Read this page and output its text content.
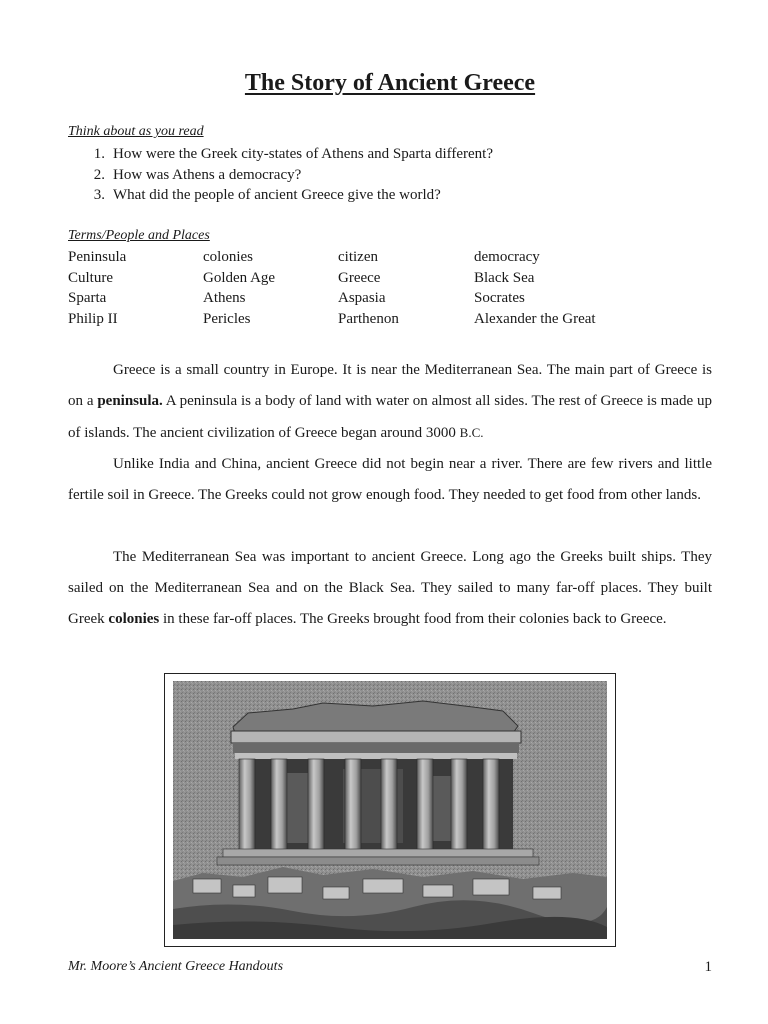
The Story of Ancient Greece
Think about as you read
1. How were the Greek city-states of Athens and Sparta different?
2. How was Athens a democracy?
3. What did the people of ancient Greece give the world?
Terms/People and Places
Peninsula	colonies	citizen	democracy
Culture	Golden Age	Greece	Black Sea
Sparta	Athens	Aspasia	Socrates
Philip II	Pericles	Parthenon	Alexander the Great

Greece is a small country in Europe. It is near the Mediterranean Sea. The main part of Greece is on a peninsula. A peninsula is a body of land with water on almost all sides. The rest of Greece is made up of islands. The ancient civilization of Greece began around 3000 B.C.

Unlike India and China, ancient Greece did not begin near a river. There are few rivers and little fertile soil in Greece. The Greeks could not grow enough food. They needed to get food from other lands.

The Mediterranean Sea was important to ancient Greece. Long ago the Greeks built ships. They sailed on the Mediterranean Sea and on the Black Sea. They sailed to many far-off places. They built Greek colonies in these far-off places. The Greeks brought food from their colonies back to Greece.

Mr. Moore’s Ancient Greece Handouts	1
